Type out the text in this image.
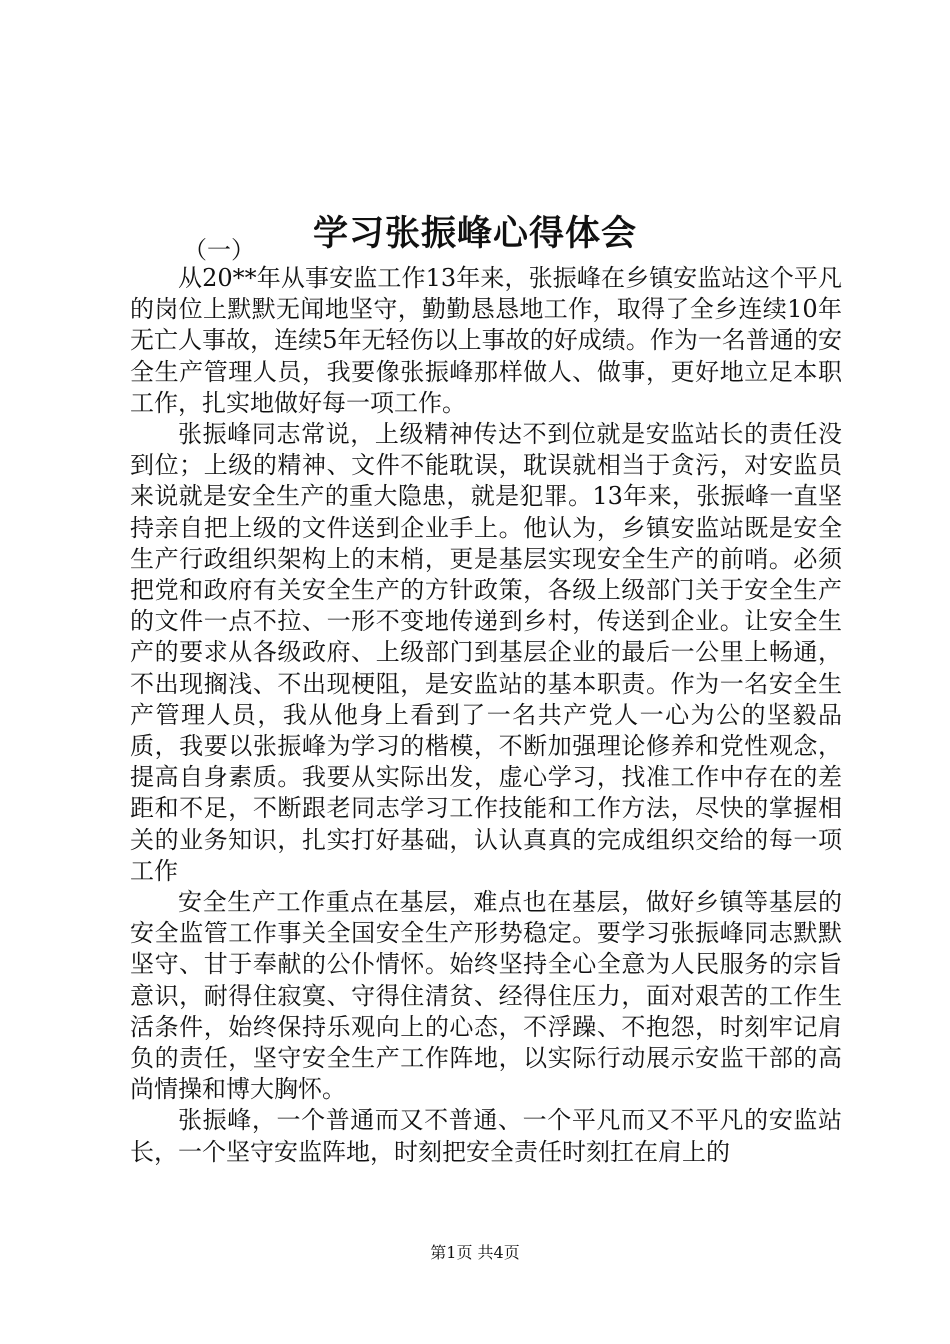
学习张振峰心得体会
（一）

从20**年从事安监工作13年来，张振峰在乡镇安监站这个平凡的岗位上默默无闻地坚守，勤勤恳恳地工作，取得了全乡连续10年无亡人事故，连续5年无轻伤以上事故的好成绩。作为一名普通的安全生产管理人员，我要像张振峰那样做人、做事，更好地立足本职工作，扎实地做好每一项工作。

张振峰同志常说，上级精神传达不到位就是安监站长的责任没到位；上级的精神、文件不能耽误，耽误就相当于贪污，对安监员来说就是安全生产的重大隐患，就是犯罪。13年来，张振峰一直坚持亲自把上级的文件送到企业手上。他认为，乡镇安监站既是安全生产行政组织架构上的末梢，更是基层实现安全生产的前哨。必须把党和政府有关安全生产的方针政策，各级上级部门关于安全生产的文件一点不拉、一形不变地传递到乡村，传送到企业。让安全生产的要求从各级政府、上级部门到基层企业的最后一公里上畅通，不出现搁浅、不出现梗阻，是安监站的基本职责。作为一名安全生产管理人员，我从他身上看到了一名共产党人一心为公的坚毅品质，我要以张振峰为学习的楷模，不断加强理论修养和党性观念，提高自身素质。我要从实际出发，虚心学习，找准工作中存在的差距和不足，不断跟老同志学习工作技能和工作方法，尽快的掌握相关的业务知识，扎实打好基础，认认真真的完成组织交给的每一项工作

安全生产工作重点在基层，难点也在基层，做好乡镇等基层的安全监管工作事关全国安全生产形势稳定。要学习张振峰同志默默坚守、甘于奉献的公仆情怀。始终坚持全心全意为人民服务的宗旨意识，耐得住寂寞、守得住清贫、经得住压力，面对艰苦的工作生活条件，始终保持乐观向上的心态，不浮躁、不抱怨，时刻牢记肩负的责任，坚守安全生产工作阵地，以实际行动展示安监干部的高尚情操和博大胸怀。

张振峰，一个普通而又不普通、一个平凡而又不平凡的安监站长，一个坚守安监阵地，时刻把安全责任时刻扛在肩上的

第1页 共4页
